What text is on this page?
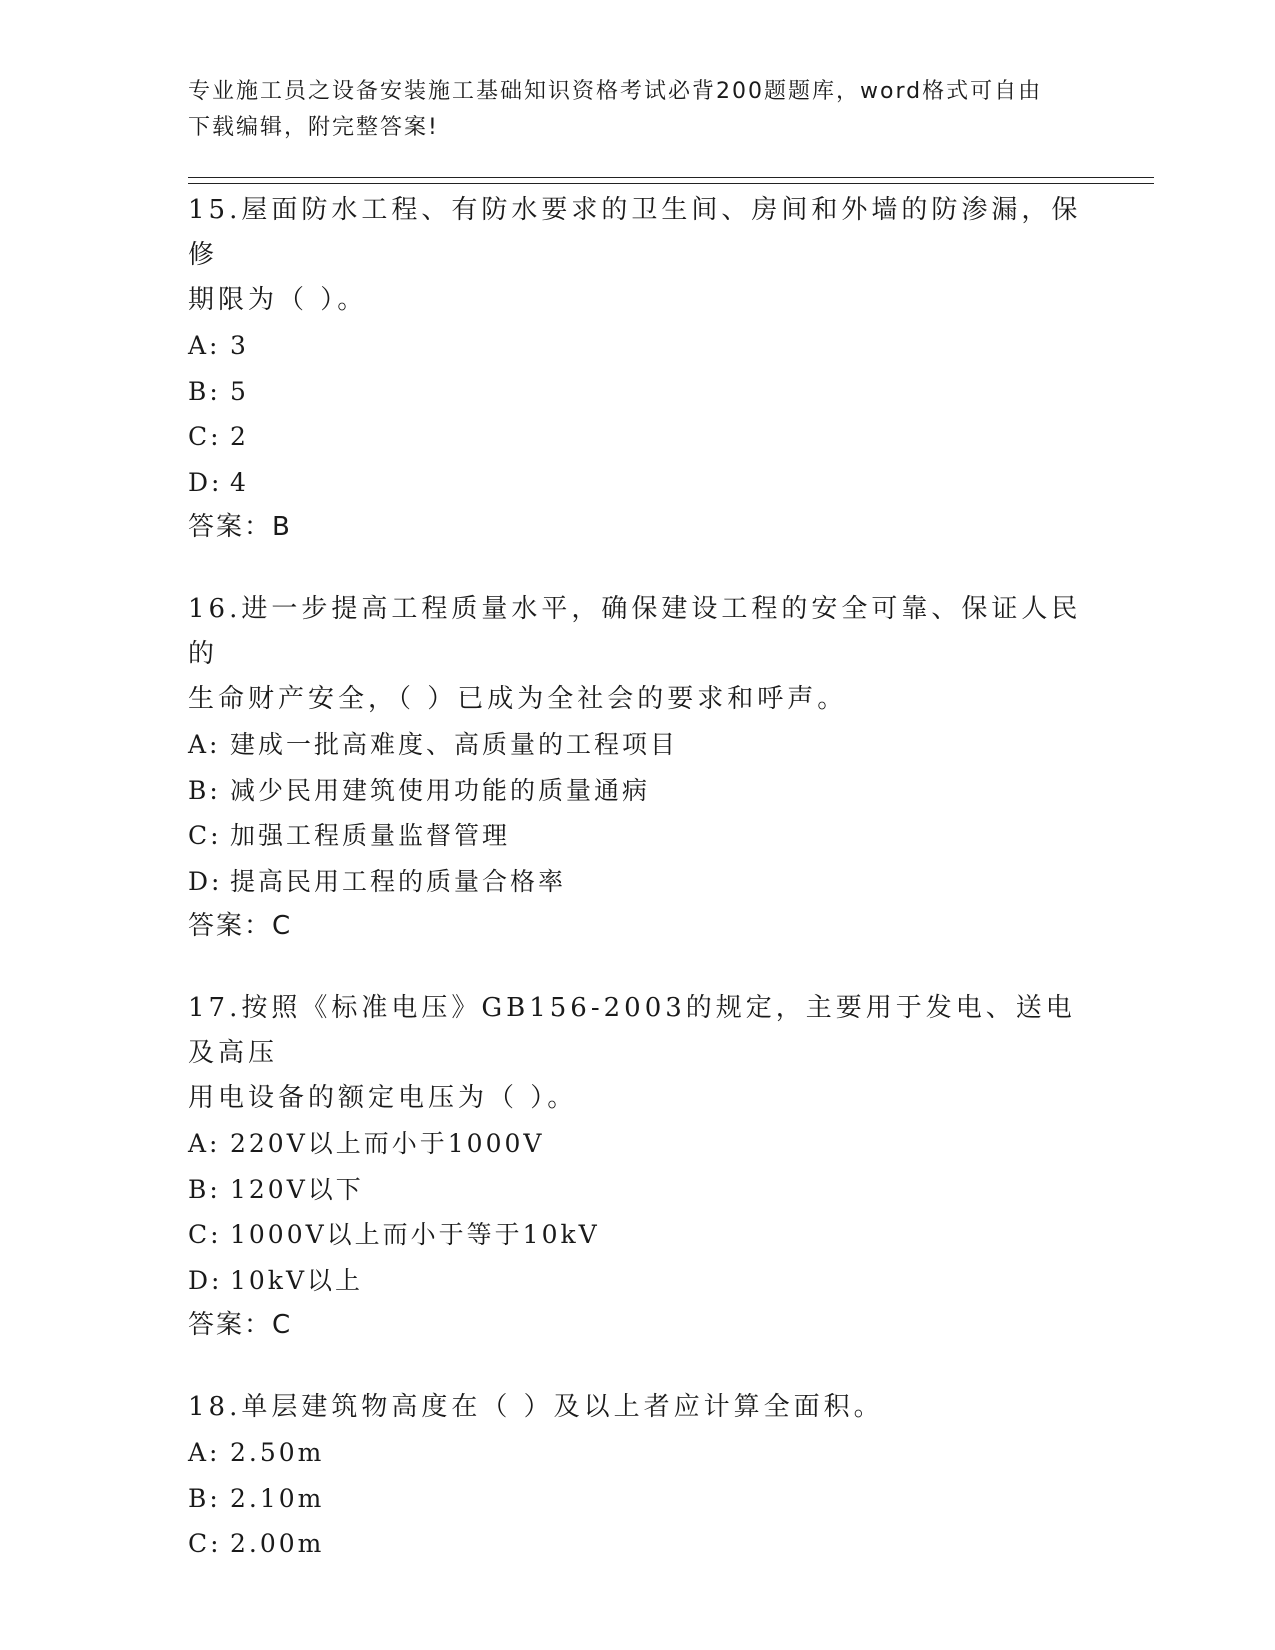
专业施工员之设备安装施工基础知识资格考试必背200题题库，word格式可自由
下载编辑，附完整答案!

15.屋面防水工程、有防水要求的卫生间、房间和外墙的防渗漏，保修

期限为（ ）。

A: 3

B: 5

C: 2

D: 4

答案：B

16.进一步提高工程质量水平，确保建设工程的安全可靠、保证人民的

生命财产安全，（ ）已成为全社会的要求和呼声。

A: 建成一批高难度、高质量的工程项目

B: 减少民用建筑使用功能的质量通病

C: 加强工程质量监督管理

D: 提高民用工程的质量合格率

答案：C

17.按照《标准电压》GB156-2003的规定，主要用于发电、送电及高压

用电设备的额定电压为（ ）。

A: 220V以上而小于1000V

B: 120V以下

C: 1000V以上而小于等于10kV

D: 10kV以上

答案：C

18.单层建筑物高度在（ ）及以上者应计算全面积。

A: 2.50m

B: 2.10m

C: 2.00m
